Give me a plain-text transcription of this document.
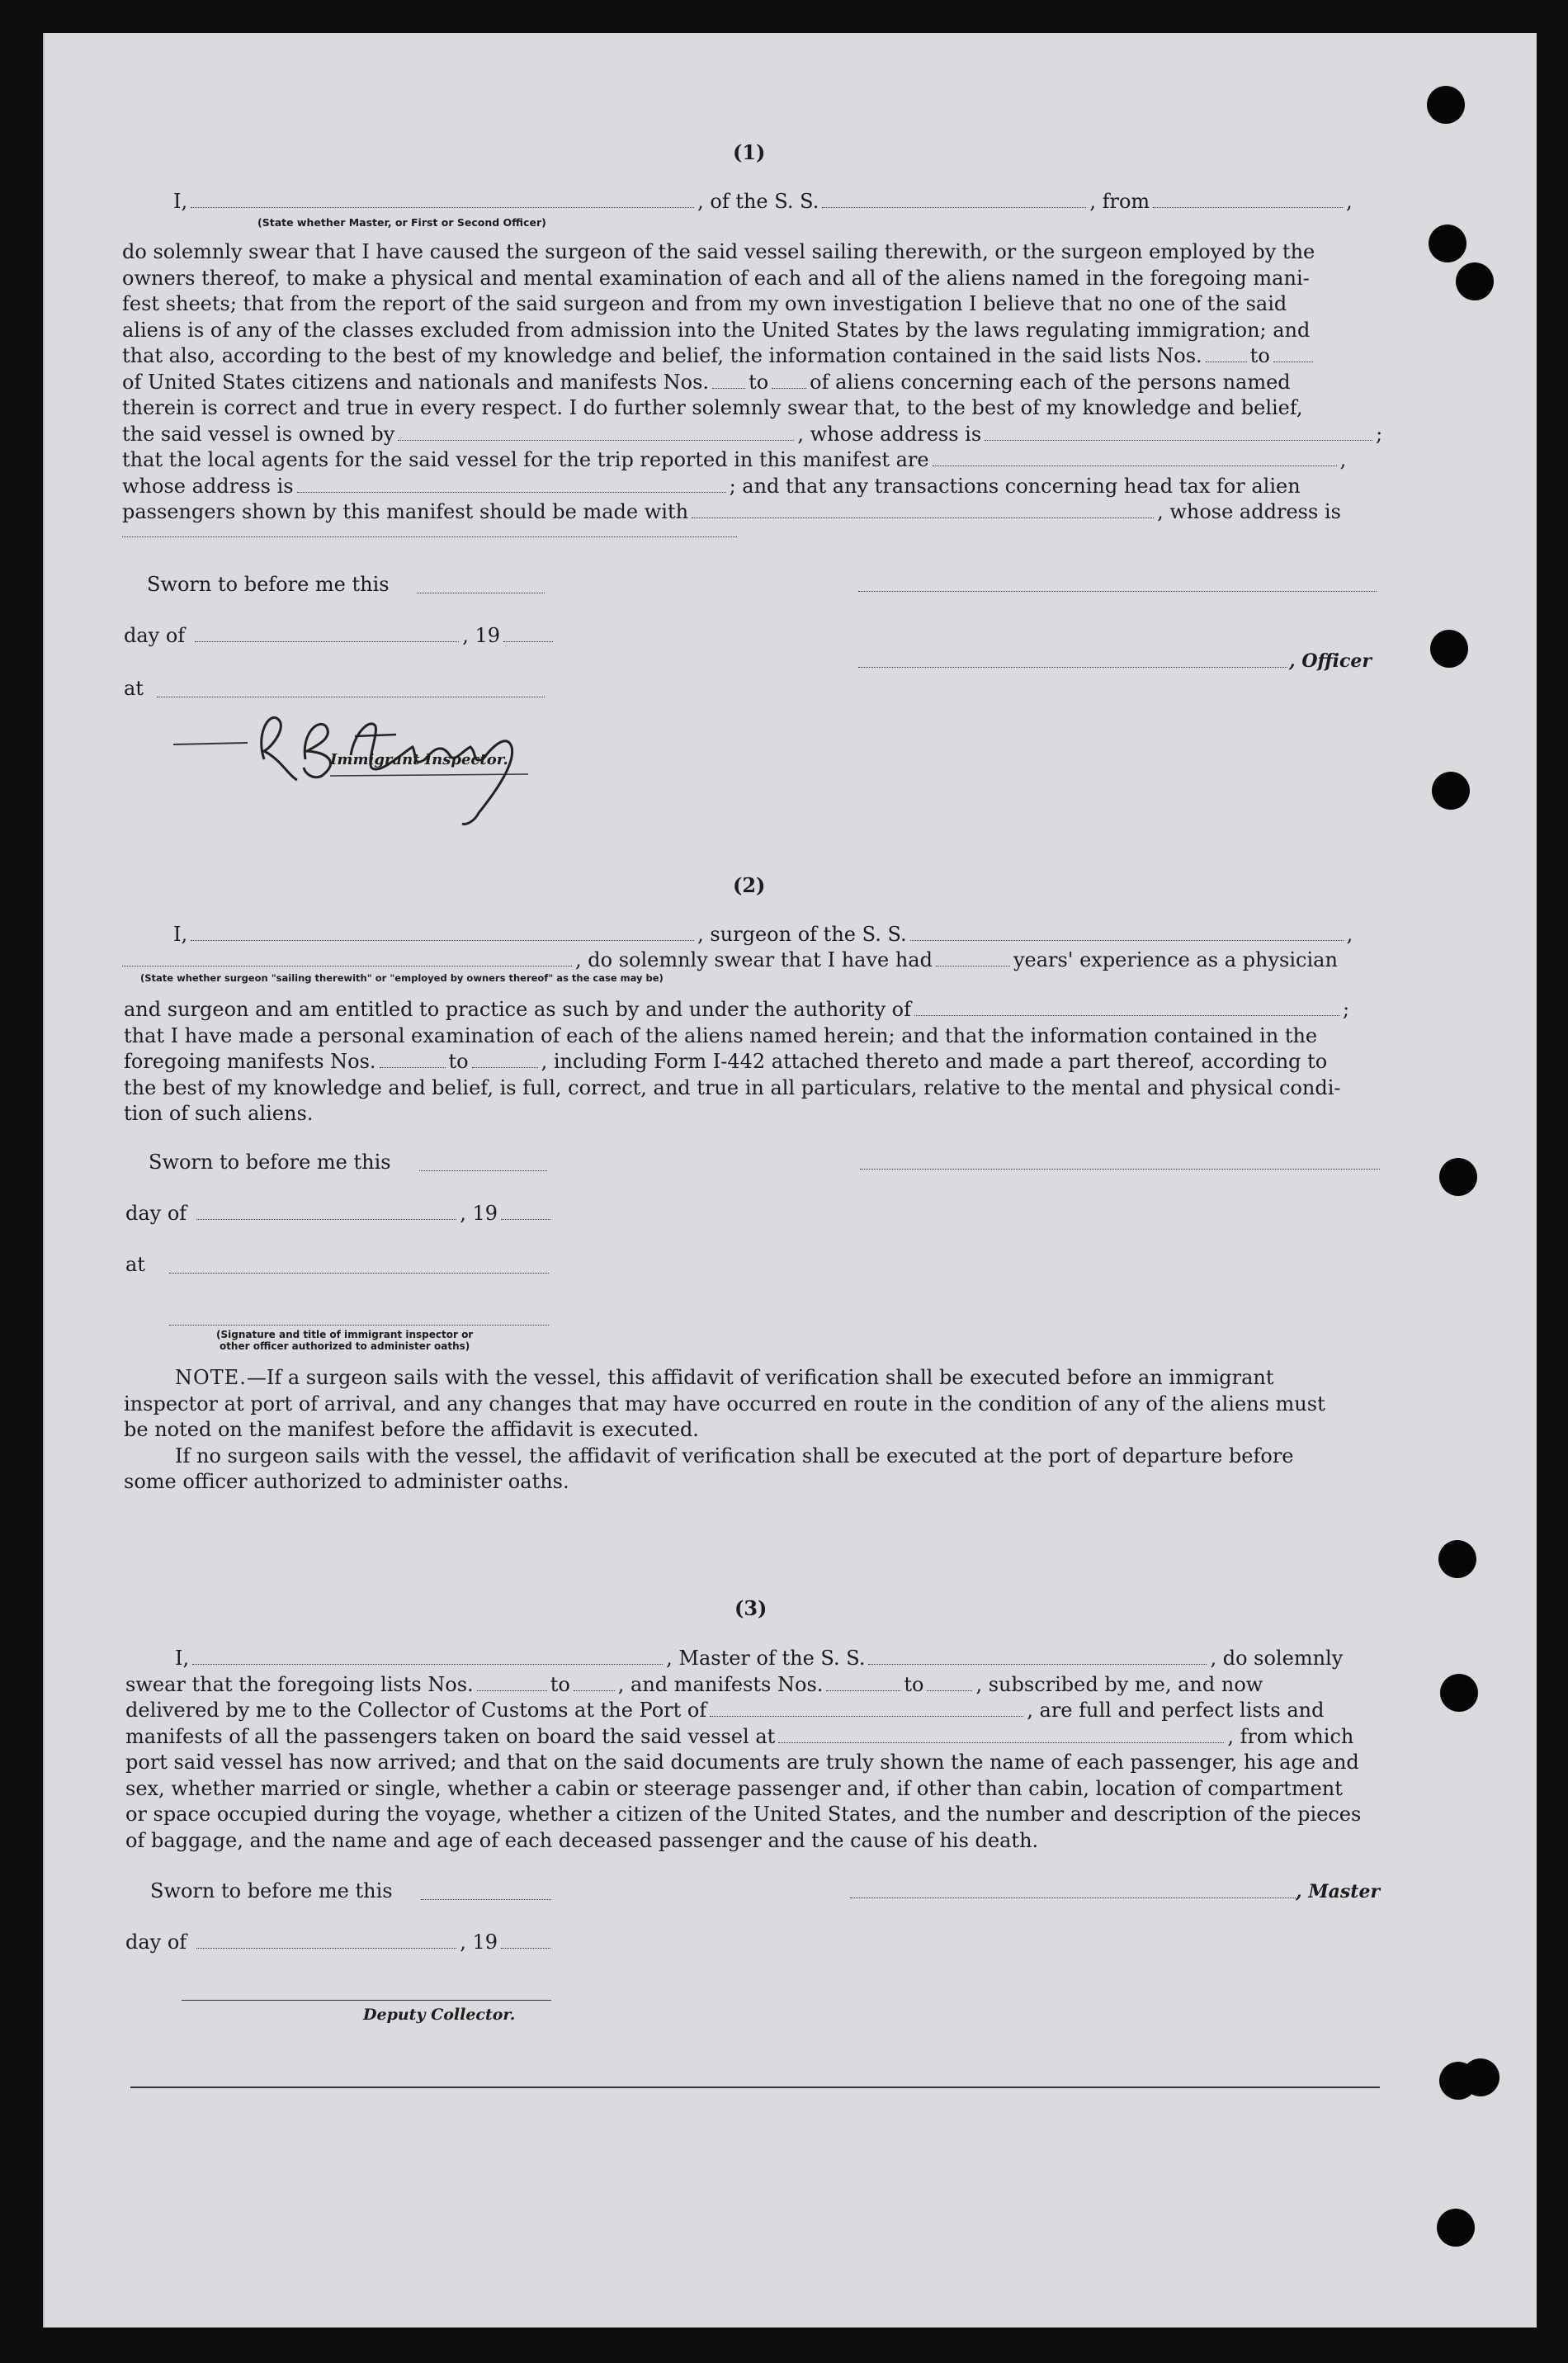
(1)
I,	, of the S. S.	, from	,
(State whether Master, or First or Second Officer)
do solemnly swear that I have caused the surgeon of the said vessel sailing therewith, or the surgeon employed by the
owners thereof, to make a physical and mental examination of each and all of the aliens named in the foregoing mani-
fest sheets; that from the report of the said surgeon and from my own investigation I believe that no one of the said
aliens is of any of the classes excluded from admission into the United States by the laws regulating immigration; and
that also, according to the best of my knowledge and belief, the information contained in the said lists Nos. to
of United States citizens and nationals and manifests Nos. to of aliens concerning each of the persons named
therein is correct and true in every respect. I do further solemnly swear that, to the best of my knowledge and belief,
the said vessel is owned by	, whose address is	;
that the local agents for the said vessel for the trip reported in this manifest are	,
whose address is	; and that any transactions concerning head tax for alien
passengers shown by this manifest should be made with	, whose address is
Sworn to before me this
day of	, 19
, Officer
at
Immigrant Inspector.
(2)
I,	, surgeon of the S. S.	,
, do solemnly swear that I have had	years' experience as a physician
(State whether surgeon "sailing therewith" or "employed by owners thereof" as the case may be)
and surgeon and am entitled to practice as such by and under the authority of	;
that I have made a personal examination of each of the aliens named herein; and that the information contained in the
foregoing manifests Nos.	to	, including Form I-442 attached thereto and made a part thereof, according to
the best of my knowledge and belief, is full, correct, and true in all particulars, relative to the mental and physical condi-
tion of such aliens.
Sworn to before me this
day of	, 19
at
(Signature and title of immigrant inspector or
other officer authorized to administer oaths)
NOTE.—If a surgeon sails with the vessel, this affidavit of verification shall be executed before an immigrant
inspector at port of arrival, and any changes that may have occurred en route in the condition of any of the aliens must
be noted on the manifest before the affidavit is executed.
If no surgeon sails with the vessel, the affidavit of verification shall be executed at the port of departure before
some officer authorized to administer oaths.
(3)
I,	, Master of the S. S.	, do solemnly
swear that the foregoing lists Nos.	to , and manifests Nos.	to	, subscribed by me, and now
delivered by me to the Collector of Customs at the Port of	, are full and perfect lists and
manifests of all the passengers taken on board the said vessel at	, from which
port said vessel has now arrived; and that on the said documents are truly shown the name of each passenger, his age and
sex, whether married or single, whether a cabin or steerage passenger and, if other than cabin, location of compartment
or space occupied during the voyage, whether a citizen of the United States, and the number and description of the pieces
of baggage, and the name and age of each deceased passenger and the cause of his death.
Sworn to before me this	, Master
day of	, 19
Deputy Collector.
